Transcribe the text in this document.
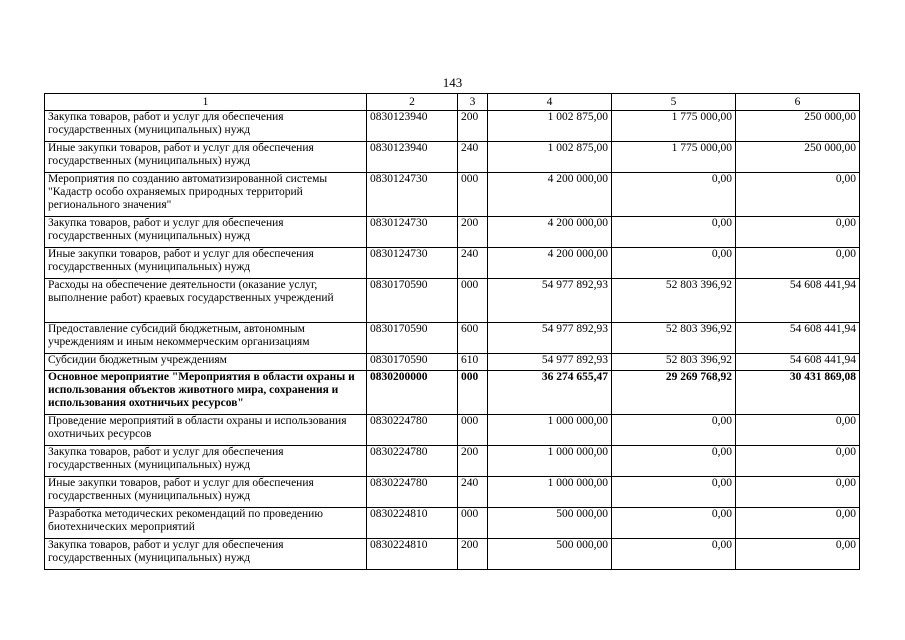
143
1	2	3	4	5	6
Закупка товаров, работ и услуг для обеспечения государственных (муниципальных) нужд	0830123940	200	1 002 875,00	1 775 000,00	250 000,00
Иные закупки товаров, работ и услуг для обеспечения государственных (муниципальных) нужд	0830123940	240	1 002 875,00	1 775 000,00	250 000,00
Мероприятия по созданию автоматизированной системы "Кадастр особо охраняемых природных территорий регионального значения"	0830124730	000	4 200 000,00	0,00	0,00
Закупка товаров, работ и услуг для обеспечения государственных (муниципальных) нужд	0830124730	200	4 200 000,00	0,00	0,00
Иные закупки товаров, работ и услуг для обеспечения государственных (муниципальных) нужд	0830124730	240	4 200 000,00	0,00	0,00
Расходы на обеспечение деятельности (оказание услуг, выполнение работ) краевых государственных учреждений	0830170590	000	54 977 892,93	52 803 396,92	54 608 441,94
Предоставление субсидий бюджетным, автономным учреждениям и иным некоммерческим организациям	0830170590	600	54 977 892,93	52 803 396,92	54 608 441,94
Субсидии бюджетным учреждениям	0830170590	610	54 977 892,93	52 803 396,92	54 608 441,94
Основное мероприятие "Мероприятия в области охраны и использования объектов животного мира, сохранения и использования охотничьих ресурсов"	0830200000	000	36 274 655,47	29 269 768,92	30 431 869,08
Проведение мероприятий в области охраны и использования охотничьих ресурсов	0830224780	000	1 000 000,00	0,00	0,00
Закупка товаров, работ и услуг для обеспечения государственных (муниципальных) нужд	0830224780	200	1 000 000,00	0,00	0,00
Иные закупки товаров, работ и услуг для обеспечения государственных (муниципальных) нужд	0830224780	240	1 000 000,00	0,00	0,00
Разработка методических рекомендаций по проведению биотехнических мероприятий	0830224810	000	500 000,00	0,00	0,00
Закупка товаров, работ и услуг для обеспечения государственных (муниципальных) нужд	0830224810	200	500 000,00	0,00	0,00
